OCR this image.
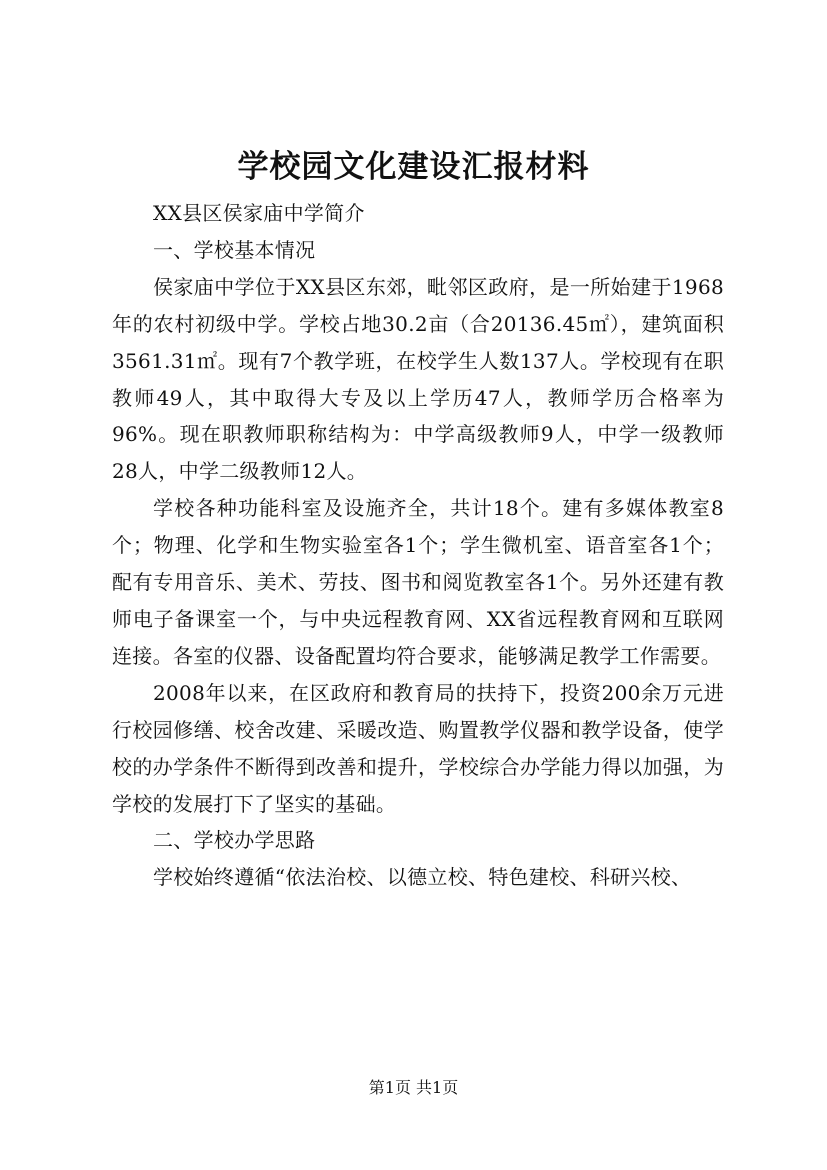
学校园文化建设汇报材料

XX县区侯家庙中学简介

一、学校基本情况

侯家庙中学位于XX县区东郊，毗邻区政府，是一所始建于1968年的农村初级中学。学校占地30.2亩（合20136.45㎡），建筑面积3561.31㎡。现有7个教学班，在校学生人数137人。学校现有在职教师49人，其中取得大专及以上学历47人，教师学历合格率为96%。现在职教师职称结构为：中学高级教师9人，中学一级教师28人，中学二级教师12人。

学校各种功能科室及设施齐全，共计18个。建有多媒体教室8个；物理、化学和生物实验室各1个；学生微机室、语音室各1个；配有专用音乐、美术、劳技、图书和阅览教室各1个。另外还建有教师电子备课室一个，与中央远程教育网、XX省远程教育网和互联网连接。各室的仪器、设备配置均符合要求，能够满足教学工作需要。

2008年以来，在区政府和教育局的扶持下，投资200余万元进行校园修缮、校舍改建、采暖改造、购置教学仪器和教学设备，使学校的办学条件不断得到改善和提升，学校综合办学能力得以加强，为学校的发展打下了坚实的基础。

二、学校办学思路

学校始终遵循“依法治校、以德立校、特色建校、科研兴校、

第1页 共1页
